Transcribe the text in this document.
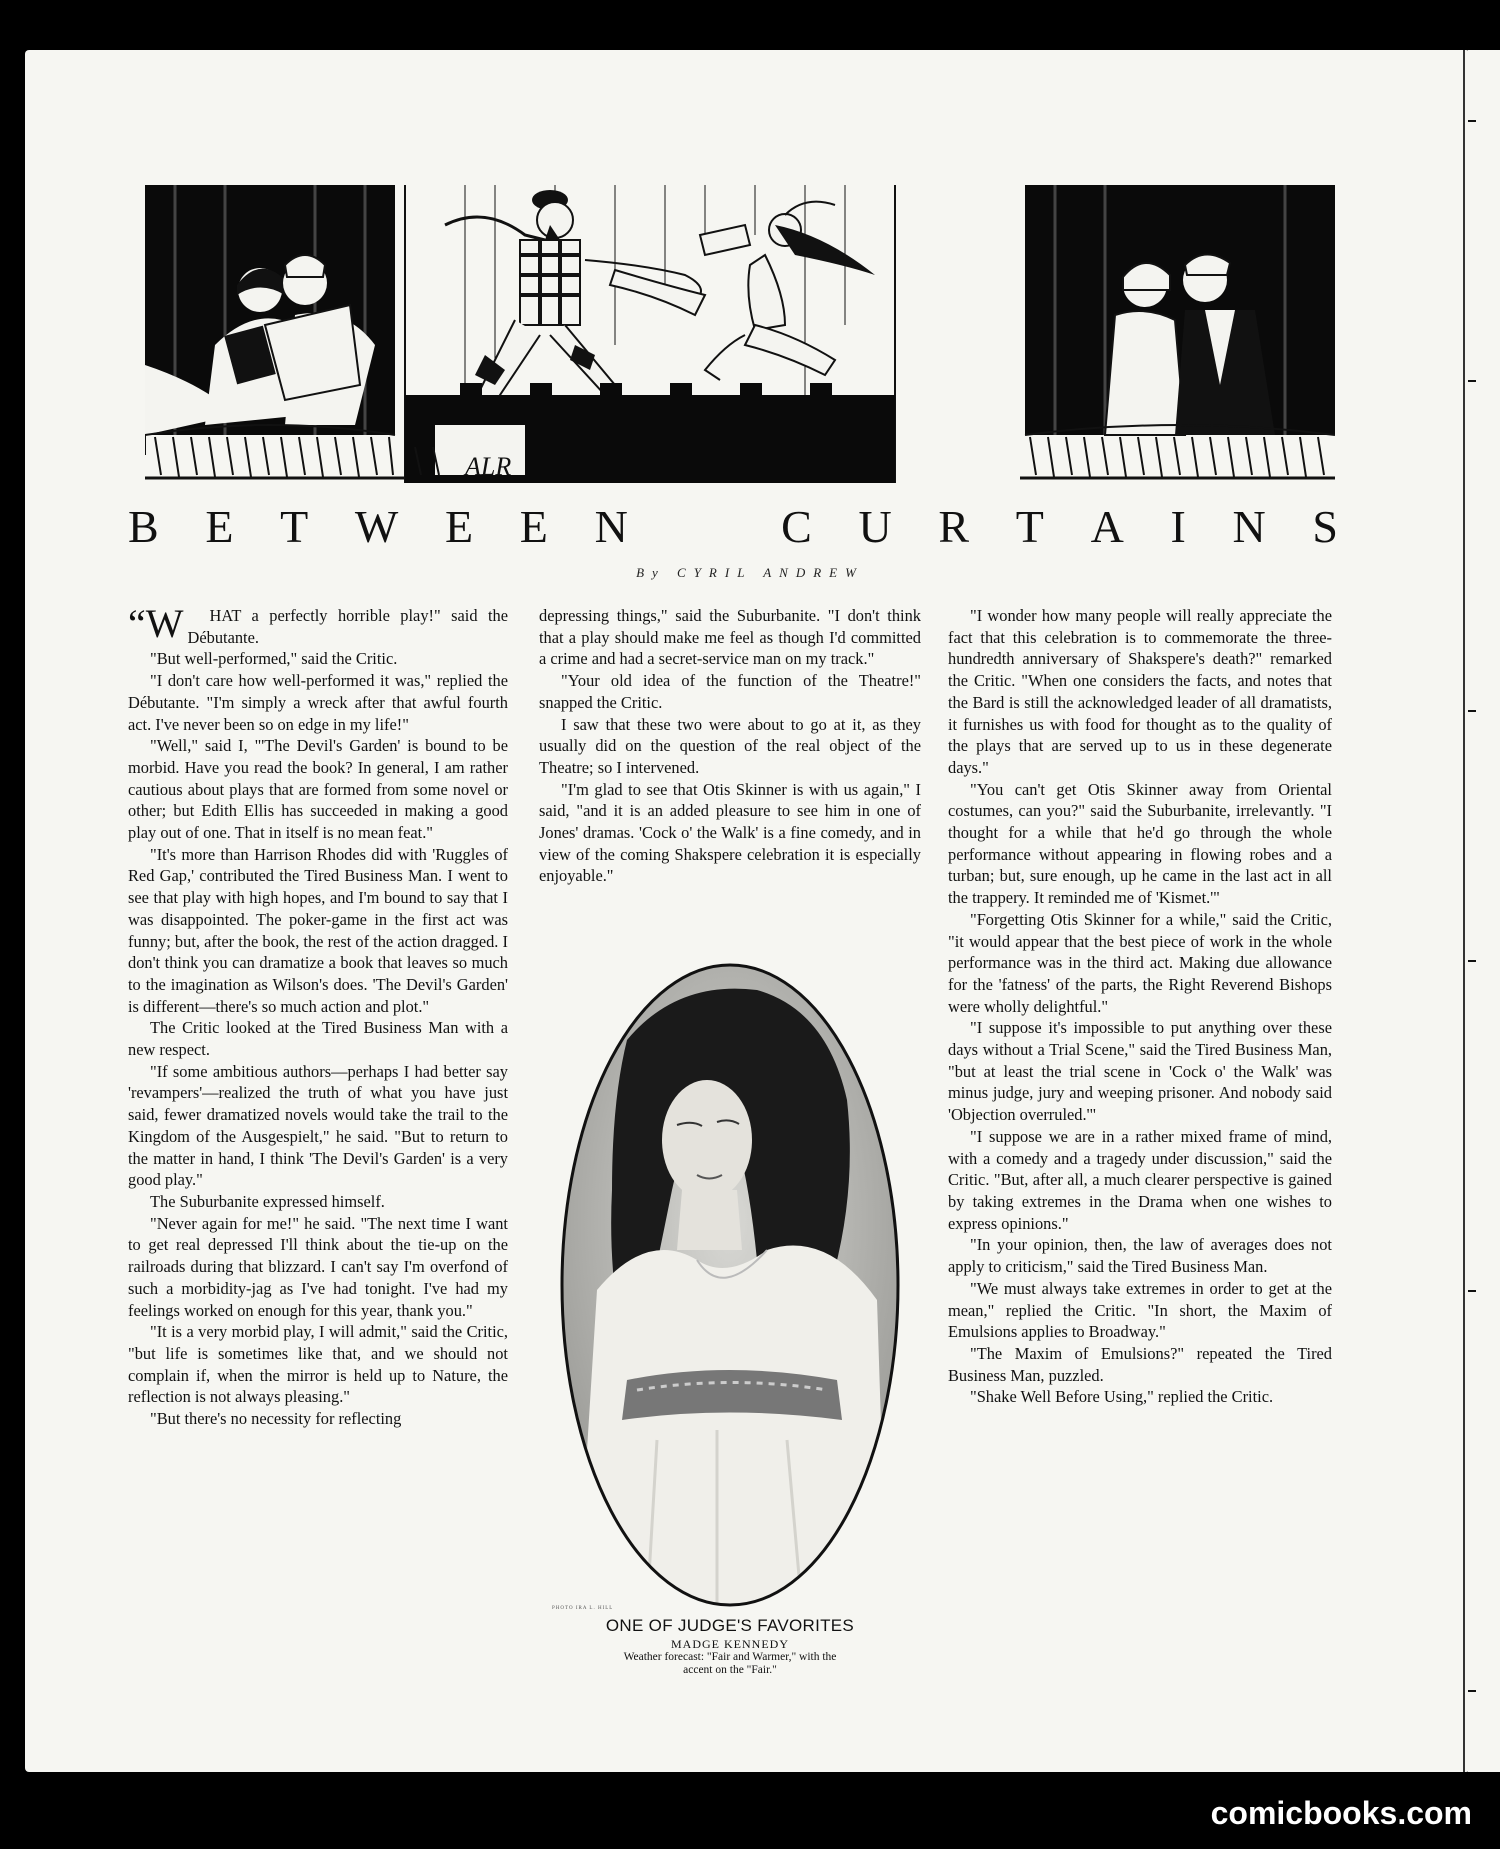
ALR
B E T W E E N	C U R T A I N S
By CYRIL ANDREW

“W HAT a perfectly horrible play!" said the Débutante.

"But well-performed," said the Critic.

"I don't care how well-performed it was," replied the Débutante. "I'm simply a wreck after that awful fourth act. I've never been so on edge in my life!"

"Well," said I, "'The Devil's Garden' is bound to be morbid. Have you read the book? In general, I am rather cautious about plays that are formed from some novel or other; but Edith Ellis has succeeded in making a good play out of one. That in itself is no mean feat."

"It's more than Harrison Rhodes did with 'Ruggles of Red Gap,' contributed the Tired Business Man. I went to see that play with high hopes, and I'm bound to say that I was disappointed. The poker-game in the first act was funny; but, after the book, the rest of the action dragged. I don't think you can dramatize a book that leaves so much to the imagination as Wilson's does. 'The Devil's Garden' is different—there's so much action and plot."

The Critic looked at the Tired Business Man with a new respect.

"If some ambitious authors—perhaps I had better say 'revampers'—realized the truth of what you have just said, fewer dramatized novels would take the trail to the Kingdom of the Ausgespielt," he said. "But to return to the matter in hand, I think 'The Devil's Garden' is a very good play."

The Suburbanite expressed himself.

"Never again for me!" he said. "The next time I want to get real depressed I'll think about the tie-up on the railroads during that blizzard. I can't say I'm overfond of such a morbidity-jag as I've had tonight. I've had my feelings worked on enough for this year, thank you."

"It is a very morbid play, I will admit," said the Critic, "but life is sometimes like that, and we should not complain if, when the mirror is held up to Nature, the reflection is not always pleasing."

"But there's no necessity for reflecting

depressing things," said the Suburbanite. "I don't think that a play should make me feel as though I'd committed a crime and had a secret-service man on my track."

"Your old idea of the function of the Theatre!" snapped the Critic.

I saw that these two were about to go at it, as they usually did on the question of the real object of the Theatre; so I intervened.

"I'm glad to see that Otis Skinner is with us again," I said, "and it is an added pleasure to see him in one of Jones' dramas. 'Cock o' the Walk' is a fine comedy, and in view of the coming Shakspere celebration it is especially enjoyable."

"I wonder how many people will really appreciate the fact that this celebration is to commemorate the three-hundredth anniversary of Shakspere's death?" remarked the Critic. "When one considers the facts, and notes that the Bard is still the acknowledged leader of all dramatists, it furnishes us with food for thought as to the quality of the plays that are served up to us in these degenerate days."

"You can't get Otis Skinner away from Oriental costumes, can you?" said the Suburbanite, irrelevantly. "I thought for a while that he'd go through the whole performance without appearing in flowing robes and a turban; but, sure enough, up he came in the last act in all the trappery. It reminded me of 'Kismet.'"

"Forgetting Otis Skinner for a while," said the Critic, "it would appear that the best piece of work in the whole performance was in the third act. Making due allowance for the 'fatness' of the parts, the Right Reverend Bishops were wholly delightful."

"I suppose it's impossible to put anything over these days without a Trial Scene," said the Tired Business Man, "but at least the trial scene in 'Cock o' the Walk' was minus judge, jury and weeping prisoner. And nobody said 'Objection overruled.'"

"I suppose we are in a rather mixed frame of mind, with a comedy and a tragedy under discussion," said the Critic. "But, after all, a much clearer perspective is gained by taking extremes in the Drama when one wishes to express opinions."

"In your opinion, then, the law of averages does not apply to criticism," said the Tired Business Man.

"We must always take extremes in order to get at the mean," replied the Critic. "In short, the Maxim of Emulsions applies to Broadway."

"The Maxim of Emulsions?" repeated the Tired Business Man, puzzled.

"Shake Well Before Using," replied the Critic.

PHOTO IRA L. HILL
ONE OF JUDGE'S FAVORITES
MADGE KENNEDY
Weather forecast: "Fair and Warmer," with the
accent on the "Fair."
comicbooks.com
